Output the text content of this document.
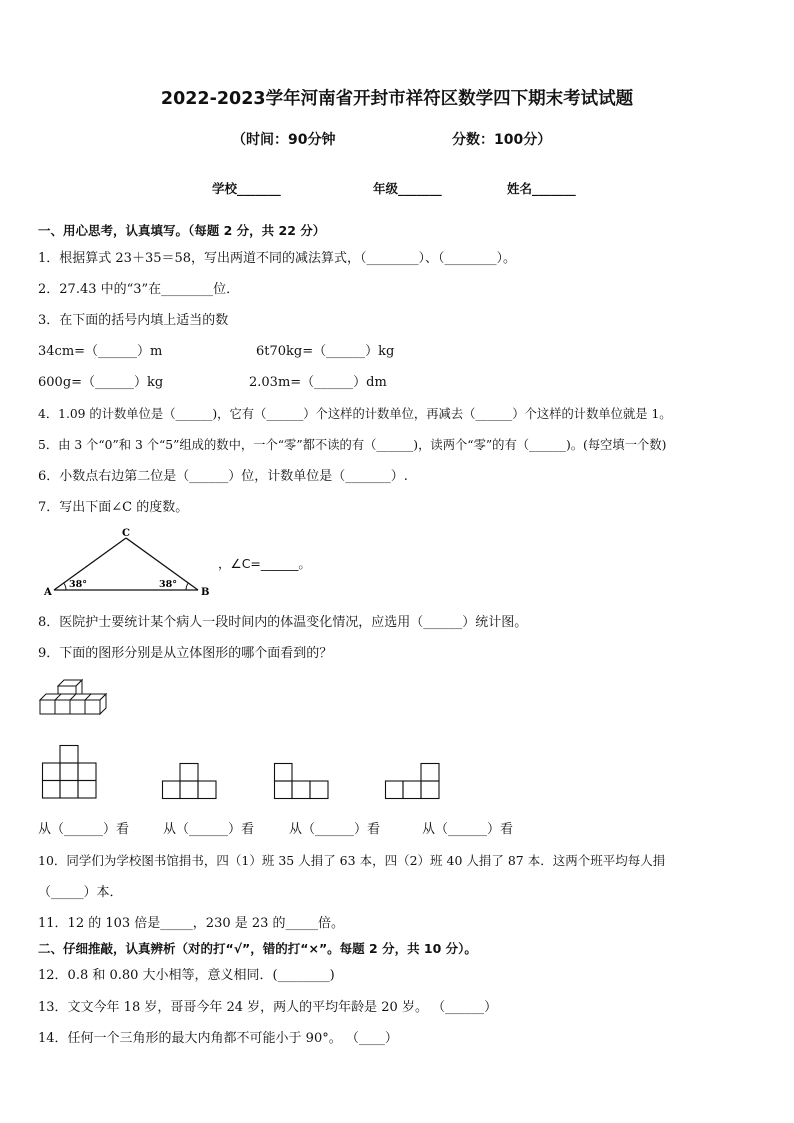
2022-2023学年河南省开封市祥符区数学四下期末考试试题
（时间：90分钟	分数：100分）
学校_______	年级_______	姓名_______
一、用心思考，认真填写。（每题 2 分，共 22 分）
1．根据算式 23＋35＝58，写出两道不同的减法算式，（________）、（________）。
2．27.43 中的“3”在________位．
3．在下面的括号内填上适当的数
34cm=（______）m	6t70kg=（______）kg
600g=（______）kg	2.03m=（______）dm
4．1.09 的计数单位是（______)，它有（______）个这样的计数单位，再减去（______）个这样的计数单位就是 1。
5．由 3 个“0”和 3 个“5”组成的数中，一个“零”都不读的有（______)，读两个“零”的有（______)。(每空填一个数)
6．小数点右边第二位是（______）位，计数单位是（_______）.
7．写出下面∠C 的度数。
C
A	B
38°	38°
，∠C=______。
8．医院护士要统计某个病人一段时间内的体温变化情况，应选用（______）统计图。
9．下面的图形分别是从立体图形的哪个面看到的？
从（______）看	从（______）看	从（______）看	从（______）看
10．同学们为学校图书馆捐书，四（1）班 35 人捐了 63 本，四（2）班 40 人捐了 87 本．这两个班平均每人捐
（_____）本．
11．12 的 103 倍是_____，230 是 23 的_____倍。
二、仔细推敲，认真辨析（对的打“√”，错的打“×”。每题 2 分，共 10 分）。
12．0.8 和 0.80 大小相等，意义相同．(________)
13．文文今年 18 岁，哥哥今年 24 岁，两人的平均年龄是 20 岁。 （______）
14．任何一个三角形的最大内角都不可能小于 90°。 （____）
